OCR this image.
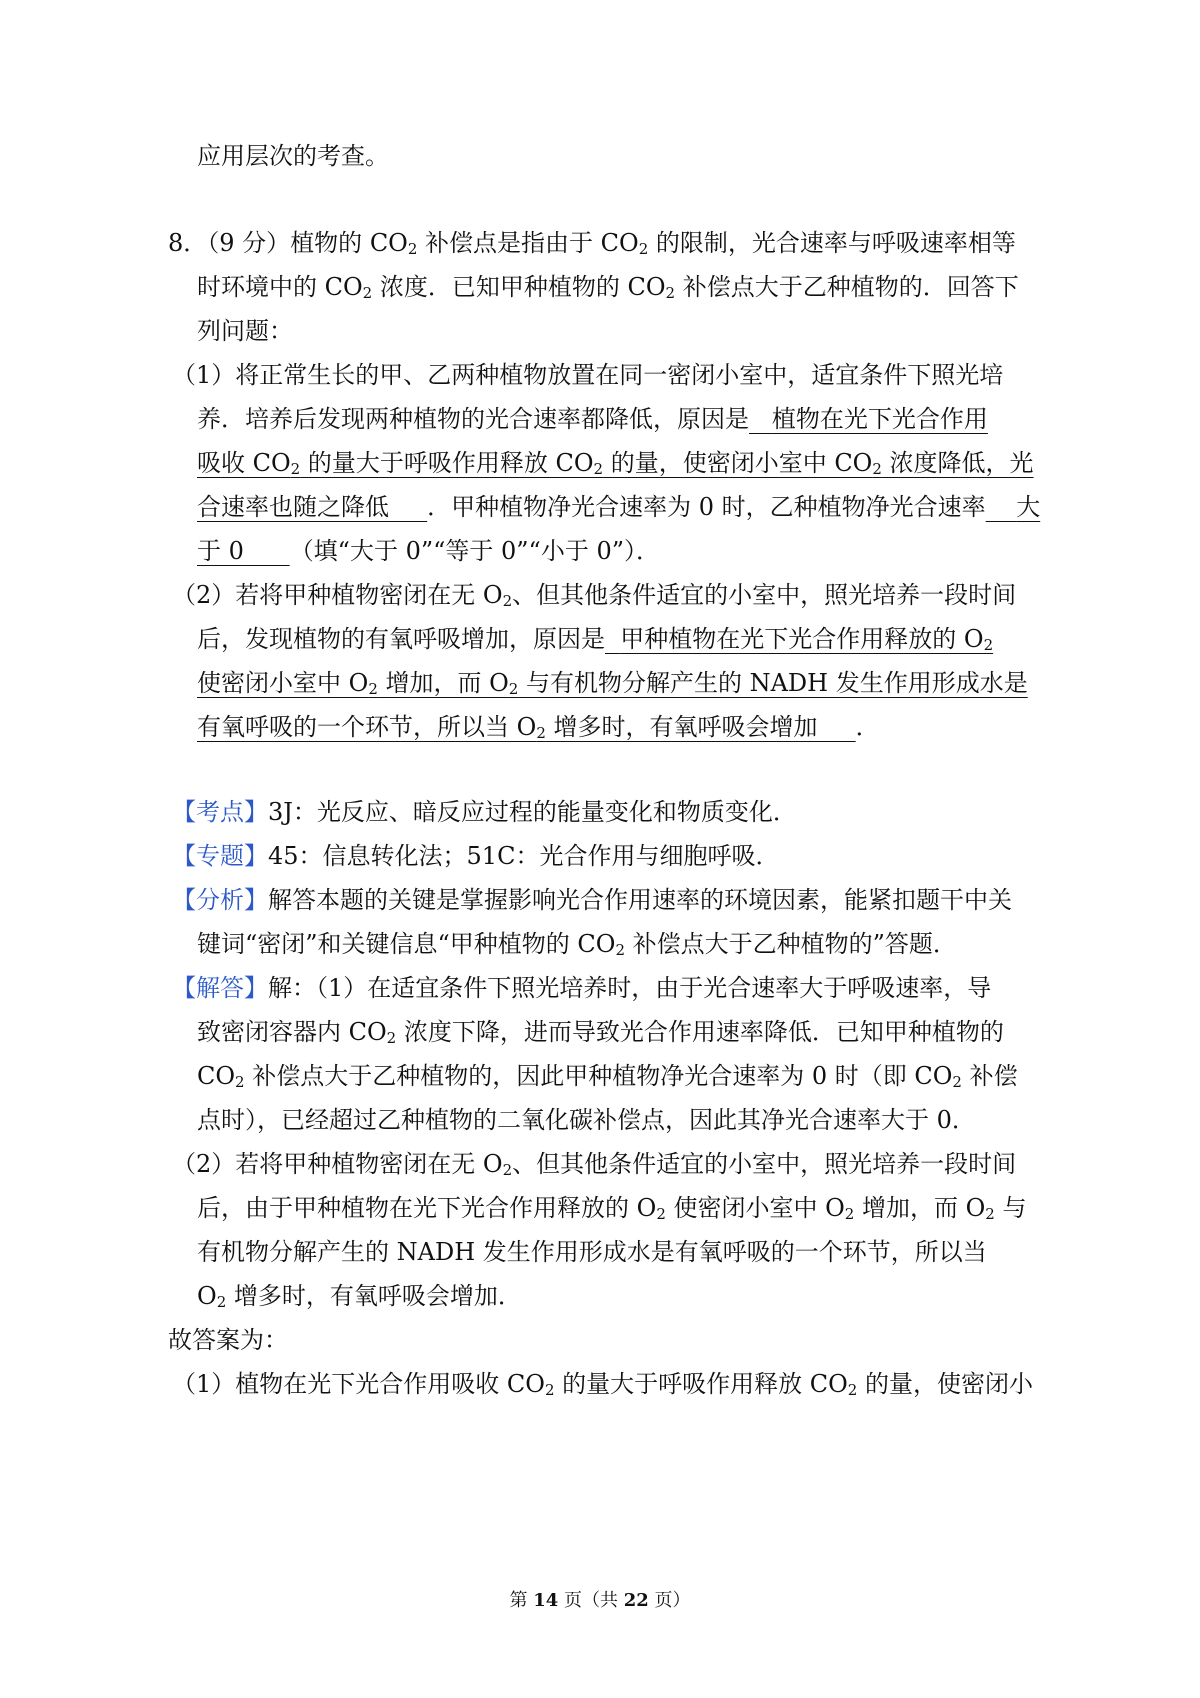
应用层次的考查。
8．（9 分）植物的 $CO_2$ 补偿点是指由于 $CO_2$ 的限制，光合速率与呼吸速率相等
时环境中的 $CO_2$ 浓度．已知甲种植物的 $CO_2$ 补偿点大于乙种植物的．回答下
列问题：
（1）将正常生长的甲、乙两种植物放置在同一密闭小室中，适宜条件下照光培
养．培养后发现两种植物的光合速率都降低，原因是 植物在光下光合作用
吸收 $CO_2$ 的量大于呼吸作用释放 $CO_2$ 的量，使密闭小室中 $CO_2$ 浓度降低，光
合速率也随之降低 ．甲种植物净光合速率为 0 时，乙种植物净光合速率 大
于 0 （填“大于 0”“等于 0”“小于 0”）．
（2）若将甲种植物密闭在无 $O_2$、但其他条件适宜的小室中，照光培养一段时间
后，发现植物的有氧呼吸增加，原因是 甲种植物在光下光合作用释放的 $O_2$
使密闭小室中 $O_2$ 增加，而 $O_2$ 与有机物分解产生的 NADH 发生作用形成水是
有氧呼吸的一个环节，所以当 $O_2$ 增多时，有氧呼吸会增加 ．
【考点】3J：光反应、暗反应过程的能量变化和物质变化．
【专题】45：信息转化法；51C：光合作用与细胞呼吸．
【分析】解答本题的关键是掌握影响光合作用速率的环境因素，能紧扣题干中关
键词“密闭”和关键信息“甲种植物的 $CO_2$ 补偿点大于乙种植物的”答题．
【解答】解：（1）在适宜条件下照光培养时，由于光合速率大于呼吸速率，导
致密闭容器内 $CO_2$ 浓度下降，进而导致光合作用速率降低．已知甲种植物的
$CO_2$ 补偿点大于乙种植物的，因此甲种植物净光合速率为 0 时（即 $CO_2$ 补偿
点时），已经超过乙种植物的二氧化碳补偿点，因此其净光合速率大于 0．
（2）若将甲种植物密闭在无 $O_2$、但其他条件适宜的小室中，照光培养一段时间
后，由于甲种植物在光下光合作用释放的 $O_2$ 使密闭小室中 $O_2$ 增加，而 $O_2$ 与
有机物分解产生的 NADH 发生作用形成水是有氧呼吸的一个环节，所以当
$O_2$ 增多时，有氧呼吸会增加．
故答案为：
（1）植物在光下光合作用吸收 $CO_2$ 的量大于呼吸作用释放 $CO_2$ 的量，使密闭小
第 14 页（共 22 页）
